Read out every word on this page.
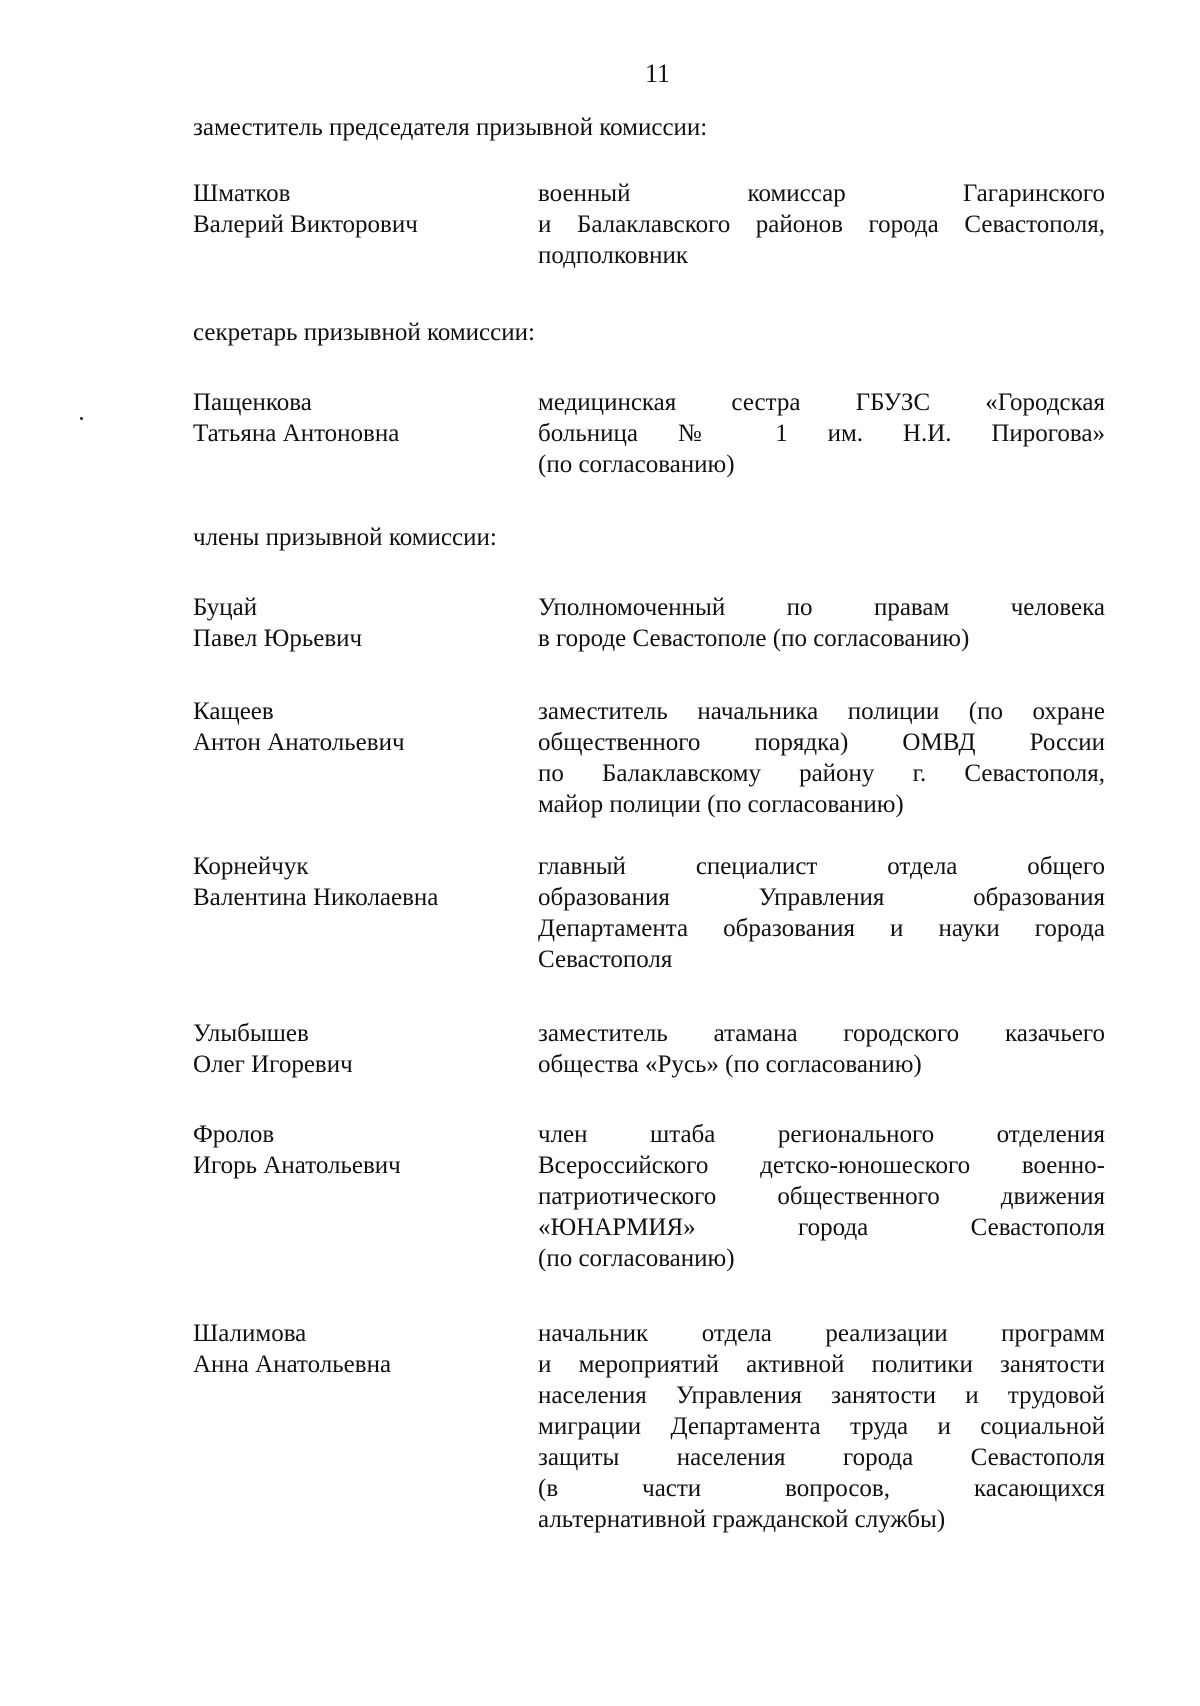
11
заместитель председателя призывной комиссии:
Шматков
Валерий Викторович
военный комиссар Гагаринского
и Балаклавского районов города Севастополя,
подполковник
секретарь призывной комиссии:
Пащенкова
Татьяна Антоновна
медицинская сестра ГБУЗС «Городская
больница № 1 им. Н.И. Пирогова»
(по согласованию)
члены призывной комиссии:
Буцай
Павел Юрьевич
Уполномоченный по правам человека
в городе Севастополе (по согласованию)
Кащеев
Антон Анатольевич
заместитель начальника полиции (по охране
общественного порядка) ОМВД России
по Балаклавскому району г. Севастополя,
майор полиции (по согласованию)
Корнейчук
Валентина Николаевна
главный специалист отдела общего
образования Управления образования
Департамента образования и науки города
Севастополя
Улыбышев
Олег Игоревич
заместитель атамана городского казачьего
общества «Русь» (по согласованию)
Фролов
Игорь Анатольевич
член штаба регионального отделения
Всероссийского детско-юношеского военно-
патриотического общественного движения
«ЮНАРМИЯ» города Севастополя
(по согласованию)
Шалимова
Анна Анатольевна
начальник отдела реализации программ
и мероприятий активной политики занятости
населения Управления занятости и трудовой
миграции Департамента труда и социальной
защиты населения города Севастополя
(в части вопросов, касающихся
альтернативной гражданской службы)
